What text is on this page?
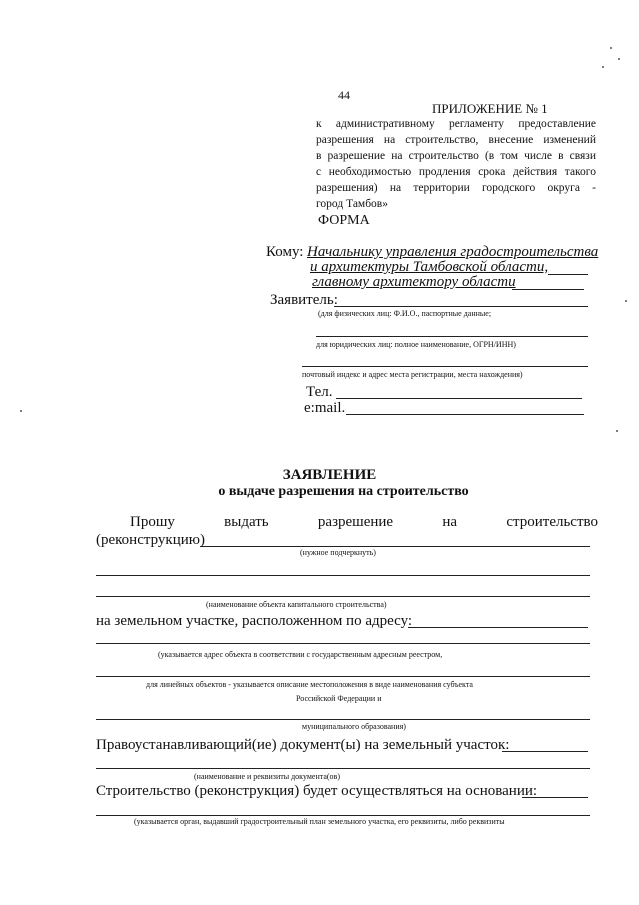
44
ПРИЛОЖЕНИЕ № 1
к административному регламенту предоставление
разрешения на строительство, внесение изменений
в разрешение на строительство (в том числе в связи
с необходимостью продления срока действия такого
разрешения) на территории городского округа -
город Тамбов»
ФОРМА
Кому: Начальнику управления градостроительства
и архитектуры Тамбовской области,
главному архитектору области
Заявитель:
(для физических лиц: Ф.И.О., паспортные данные;
для юридических лиц: полное наименование, ОГРН/ИНН)
почтовый индекс и адрес места регистрации, места нахождения)
Тел.
e:mail.
ЗАЯВЛЕНИЕ
о выдаче разрешения на строительство
Прошу	выдать	разрешение	на	строительство
(реконструкцию)
(нужное подчеркнуть)
(наименование объекта капитального строительства)
на земельном участке, расположенном по адресу:
(указывается адрес объекта в соответствии с государственным адресным реестром,
для линейных объектов - указывается описание местоположения в виде наименования субъекта
Российской Федерации и
муниципального образования)
Правоустанавливающий(ие) документ(ы) на земельный участок:
(наименование и реквизиты документа(ов)
Строительство (реконструкция) будет осуществляться на основании:
(указывается орган, выдавший градостроительный план земельного участка, его реквизиты, либо реквизиты
